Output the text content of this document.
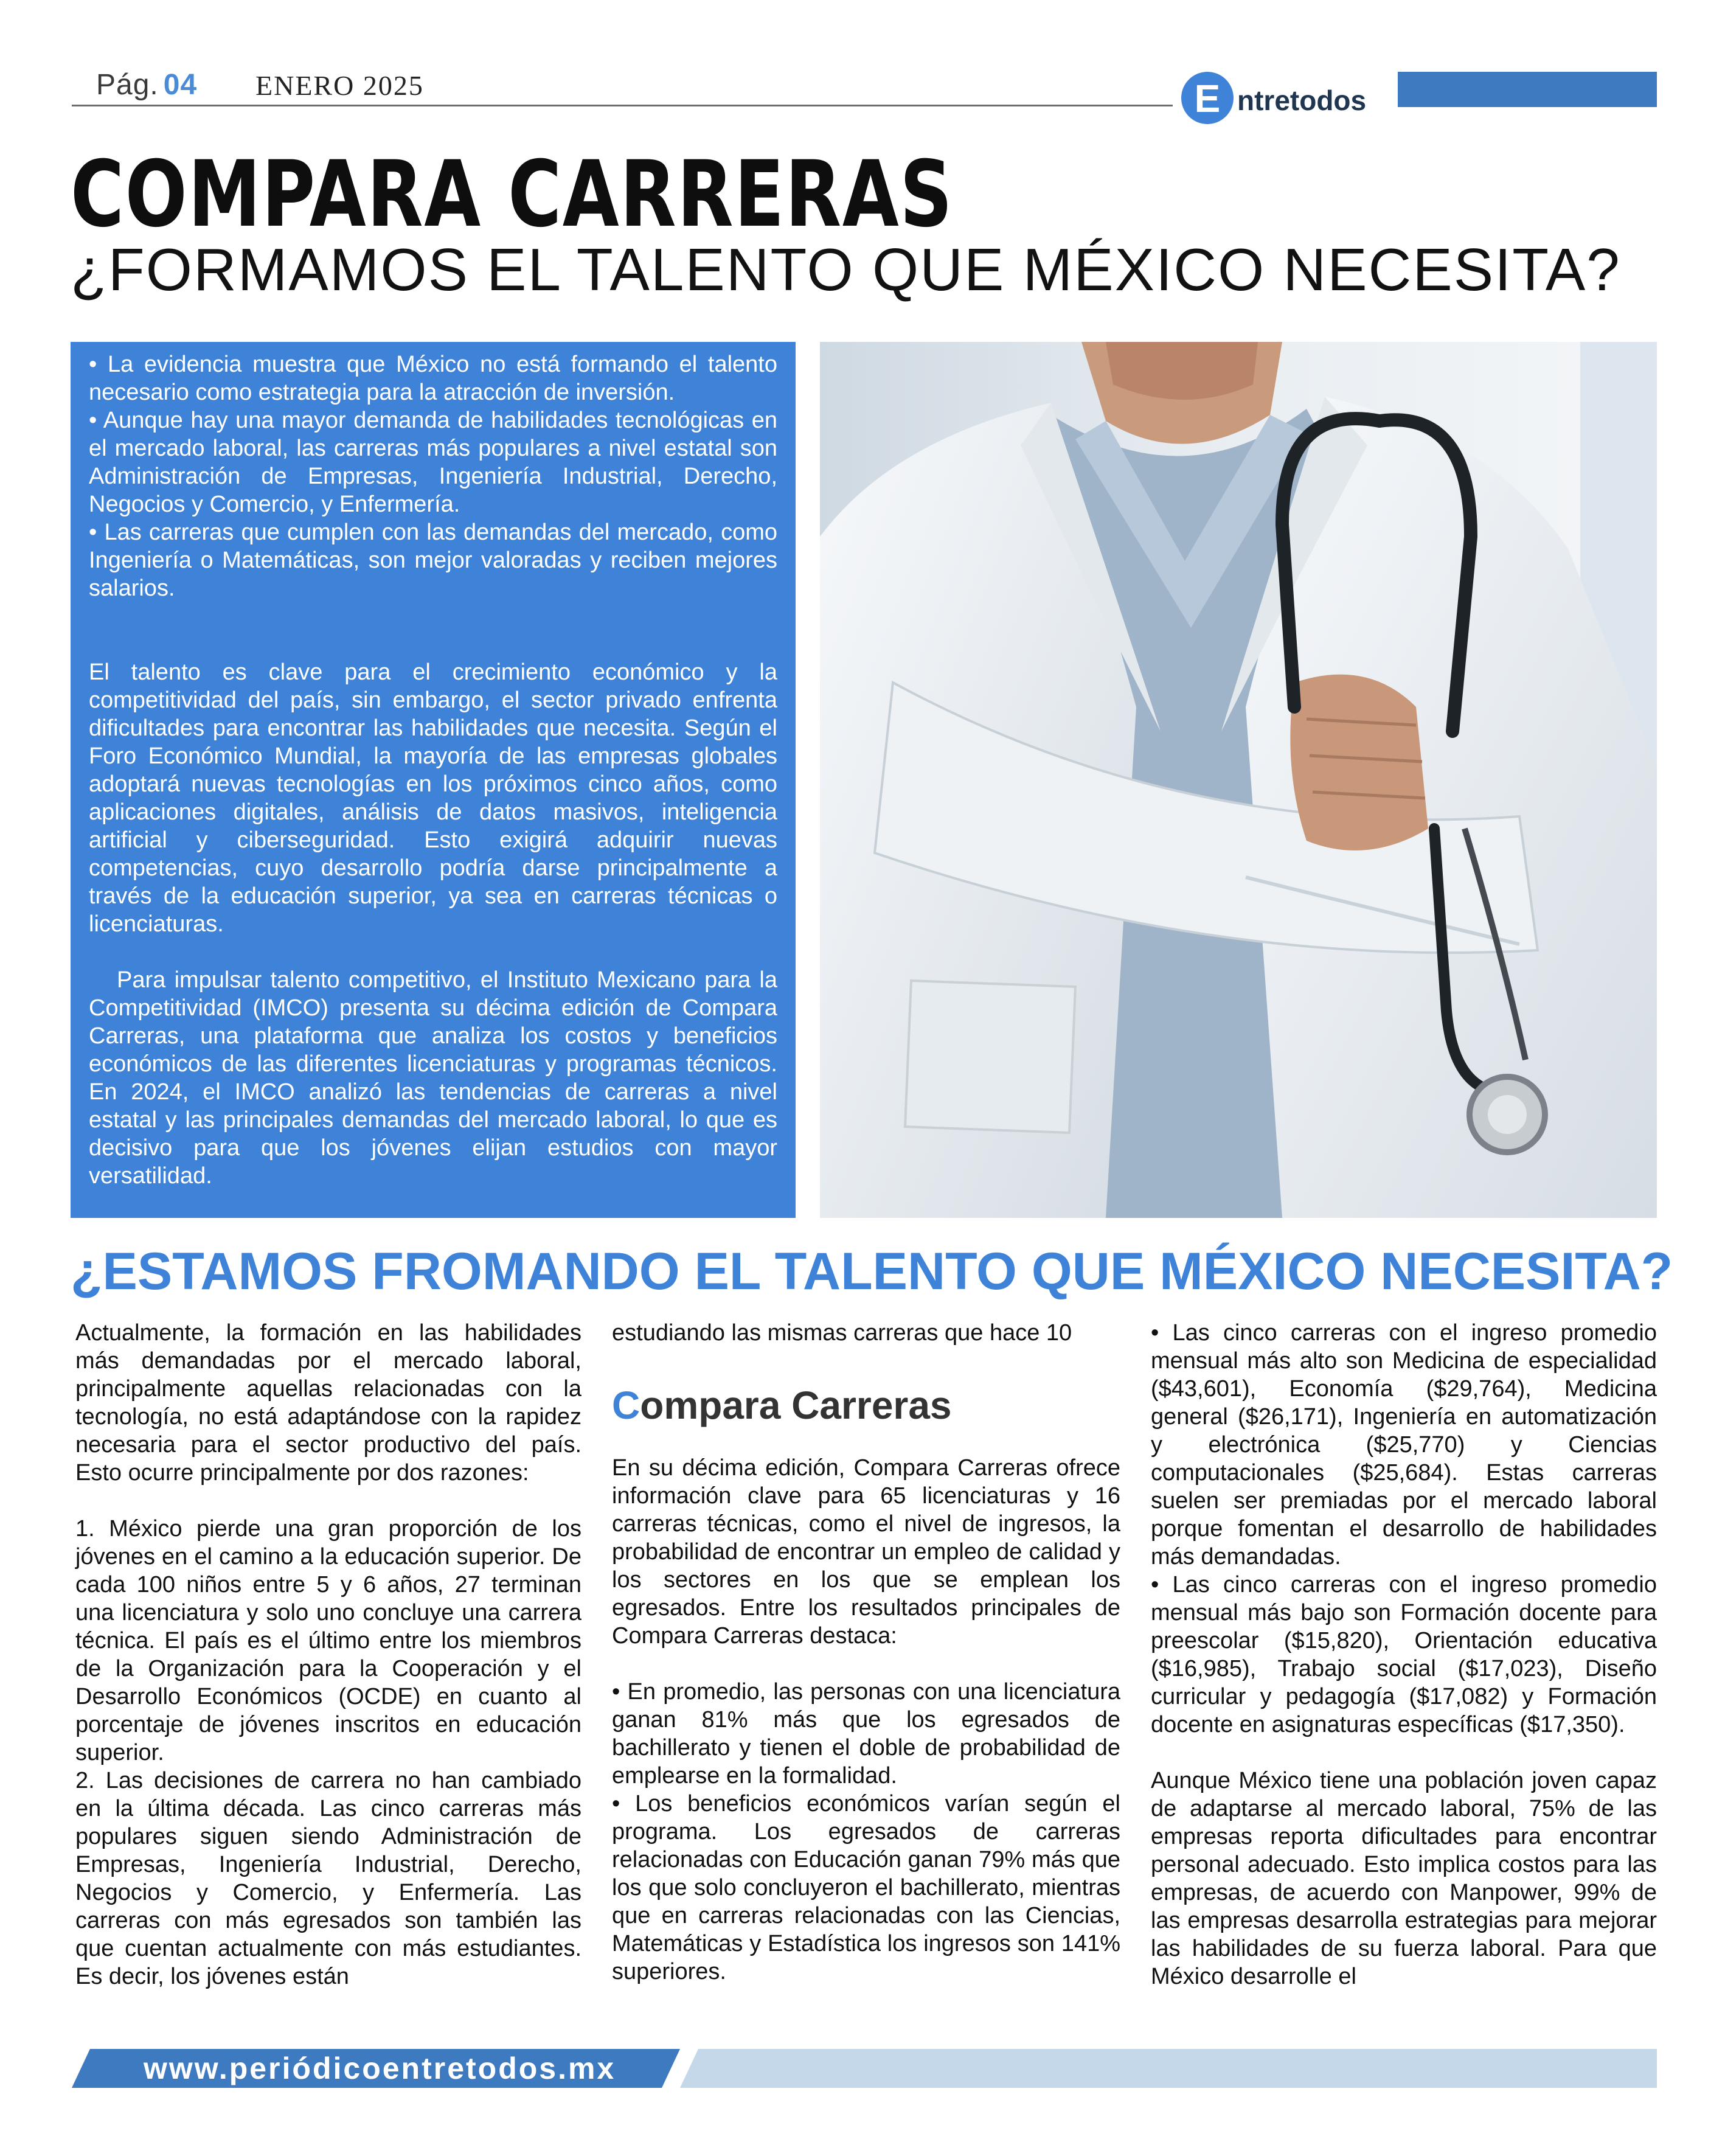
Pág. 04 ENERO 2025	E ntretodos
COMPARA CARRERAS
¿FORMAMOS EL TALENTO QUE MÉXICO NECESITA?

• La evidencia muestra que México no está formando el talento necesario como estrategia para la atracción de inversión.

• Aunque hay una mayor demanda de habilidades tecnológicas en el mercado laboral, las carreras más populares a nivel estatal son Administración de Empresas, Ingeniería Industrial, Derecho, Negocios y Comercio, y Enfermería.

• Las carreras que cumplen con las demandas del mercado, como Ingeniería o Matemáticas, son mejor valoradas y reciben mejores salarios.

El talento es clave para el crecimiento económico y la competitividad del país, sin embargo, el sector privado enfrenta dificultades para encontrar las habilidades que necesita. Según el Foro Económico Mundial, la mayoría de las empresas globales adoptará nuevas tecnologías en los próximos cinco años, como aplicaciones digitales, análisis de datos masivos, inteligencia artificial y ciberseguridad. Esto exigirá adquirir nuevas competencias, cuyo desarrollo podría darse principalmente a través de la educación superior, ya sea en carreras técnicas o licenciaturas.

Para impulsar talento competitivo, el Instituto Mexicano para la Competitividad (IMCO) presenta su décima edición de Compara Carreras, una plataforma que analiza los costos y beneficios económicos de las diferentes licenciaturas y programas técnicos. En 2024, el IMCO analizó las tendencias de carreras a nivel estatal y las principales demandas del mercado laboral, lo que es decisivo para que los jóvenes elijan estudios con mayor versatilidad.

¿ESTAMOS FROMANDO EL TALENTO QUE MÉXICO NECESITA?

Actualmente, la formación en las habilidades más demandadas por el mercado laboral, principalmente aquellas relacionadas con la tecnología, no está adaptándose con la rapidez necesaria para el sector productivo del país. Esto ocurre principalmente por dos razones:

1. México pierde una gran proporción de los jóvenes en el camino a la educación superior. De cada 100 niños entre 5 y 6 años, 27 terminan una licenciatura y solo uno concluye una carrera técnica. El país es el último entre los miembros de la Organización para la Cooperación y el Desarrollo Económicos (OCDE) en cuanto al porcentaje de jóvenes inscritos en educación superior.

2. Las decisiones de carrera no han cambiado en la última década. Las cinco carreras más populares siguen siendo Administración de Empresas, Ingeniería Industrial, Derecho, Negocios y Comercio, y Enfermería. Las carreras con más egresados son también las que cuentan actualmente con más estudiantes. Es decir, los jóvenes están

estudiando las mismas carreras que hace 10

Compara Carreras

En su décima edición, Compara Carreras ofrece información clave para 65 licenciaturas y 16 carreras técnicas, como el nivel de ingresos, la probabilidad de encontrar un empleo de calidad y los sectores en los que se emplean los egresados. Entre los resultados principales de Compara Carreras destaca:

• En promedio, las personas con una licenciatura ganan 81% más que los egresados de bachillerato y tienen el doble de probabilidad de emplearse en la formalidad.

• Los beneficios económicos varían según el programa. Los egresados de carreras relacionadas con Educación ganan 79% más que los que solo concluyeron el bachillerato, mientras que en carreras relacionadas con las Ciencias, Matemáticas y Estadística los ingresos son 141% superiores.

• Las cinco carreras con el ingreso promedio mensual más alto son Medicina de especialidad ($43,601), Economía ($29,764), Medicina general ($26,171), Ingeniería en automatización y electrónica ($25,770) y Ciencias computacionales ($25,684). Estas carreras suelen ser premiadas por el mercado laboral porque fomentan el desarrollo de habilidades más demandadas.

• Las cinco carreras con el ingreso promedio mensual más bajo son Formación docente para preescolar ($15,820), Orientación educativa ($16,985), Trabajo social ($17,023), Diseño curricular y pedagogía ($17,082) y Formación docente en asignaturas específicas ($17,350).

Aunque México tiene una población joven capaz de adaptarse al mercado laboral, 75% de las empresas reporta dificultades para encontrar personal adecuado. Esto implica costos para las empresas, de acuerdo con Manpower, 99% de las empresas desarrolla estrategias para mejorar las habilidades de su fuerza laboral. Para que México desarrolle el

www.periódicoentretodos.mx
